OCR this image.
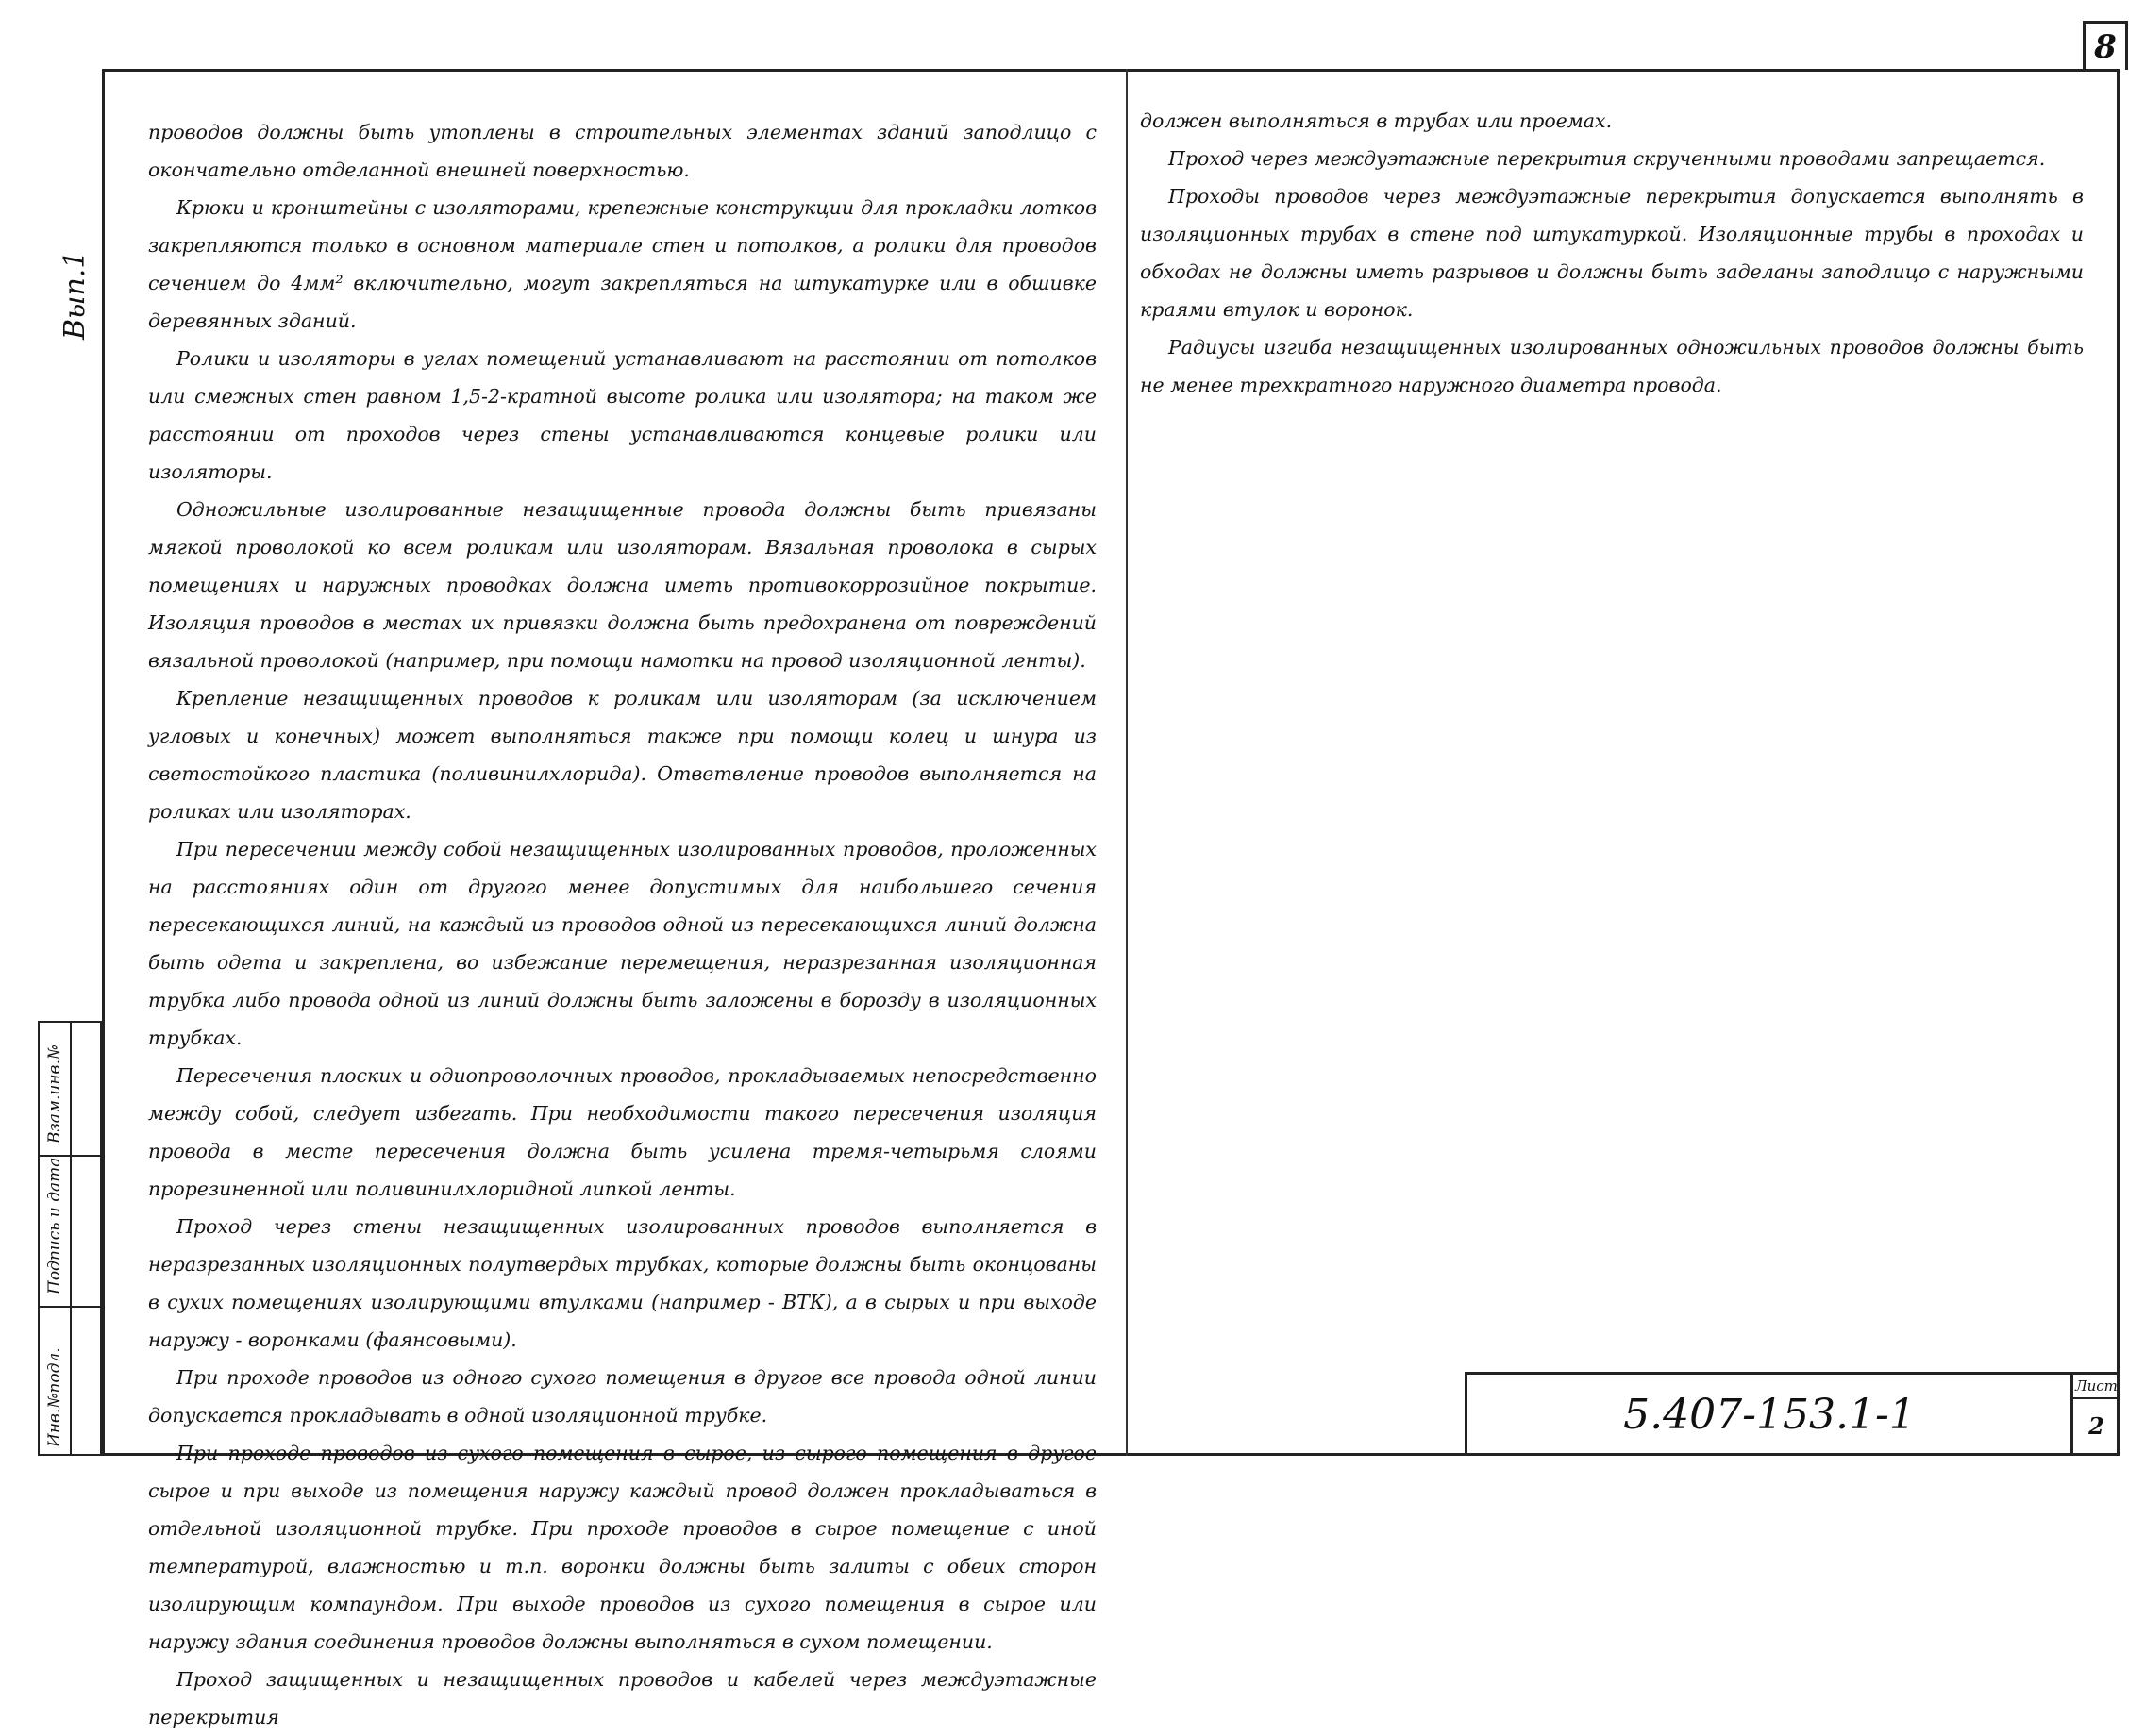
8
Вып.1
Взам.инв.№
Подпись и дата
Инв.№подл.

проводов должны быть утоплены в строительных элементах зданий заподлицо с окончательно отделанной внешней поверхностью.

Крюки и кронштейны с изоляторами, крепежные конструкции для прокладки лотков закрепляются только в основном материале стен и потолков, а ролики для проводов сечением до 4мм² включительно, могут закрепляться на штукатурке или в обшивке деревянных зданий.

Ролики и изоляторы в углах помещений устанавливают на расстоянии от потолков или смежных стен равном 1,5-2-кратной высоте ролика или изолятора; на таком же расстоянии от проходов через стены устанавливаются концевые ролики или изоляторы.

Одножильные изолированные незащищенные провода должны быть привязаны мягкой проволокой ко всем роликам или изоляторам. Вязальная проволока в сырых помещениях и наружных проводках должна иметь противокоррозийное покрытие. Изоляция проводов в местах их привязки должна быть предохранена от повреждений вязальной проволокой (например, при помощи намотки на провод изоляционной ленты).

Крепление незащищенных проводов к роликам или изоляторам (за исключением угловых и конечных) может выполняться также при помощи колец и шнура из светостойкого пластика (поливинилхлорида). Ответвление проводов выполняется на роликах или изоляторах.

При пересечении между собой незащищенных изолированных проводов, проложенных на расстояниях один от другого менее допустимых для наибольшего сечения пересекающихся линий, на каждый из проводов одной из пересекающихся линий должна быть одета и закреплена, во избежание перемещения, неразрезанная изоляционная трубка либо провода одной из линий должны быть заложены в борозду в изоляционных трубках.

Пересечения плоских и одиопроволочных проводов, прокладываемых непосредственно между собой, следует избегать. При необходимости такого пересечения изоляция провода в месте пересечения должна быть усилена тремя-четырьмя слоями прорезиненной или поливинилхлоридной липкой ленты.

Проход через стены незащищенных изолированных проводов выполняется в неразрезанных изоляционных полутвердых трубках, которые должны быть оконцованы в сухих помещениях изолирующими втулками (например - ВТК), а в сырых и при выходе наружу - воронками (фаянсовыми).

При проходе проводов из одного сухого помещения в другое все провода одной линии допускается прокладывать в одной изоляционной трубке.

При проходе проводов из сухого помещения в сырое, из сырого помещения в другое сырое и при выходе из помещения наружу каждый провод должен прокладываться в отдельной изоляционной трубке. При проходе проводов в сырое помещение с иной температурой, влажностью и т.п. воронки должны быть залиты с обеих сторон изолирующим компаундом. При выходе проводов из сухого помещения в сырое или наружу здания соединения проводов должны выполняться в сухом помещении.

Проход защищенных и незащищенных проводов и кабелей через междуэтажные перекрытия

должен выполняться в трубах или проемах.

Проход через междуэтажные перекрытия скрученными проводами запрещается.

Проходы проводов через междуэтажные перекрытия допускается выполнять в изоляционных трубах в стене под штукатуркой. Изоляционные трубы в проходах и обходах не должны иметь разрывов и должны быть заделаны заподлицо с наружными краями втулок и воронок.

Радиусы изгиба незащищенных изолированных одножильных проводов должны быть не менее трехкратного наружного диаметра провода.

5.407-153.1-1
Лист
2
